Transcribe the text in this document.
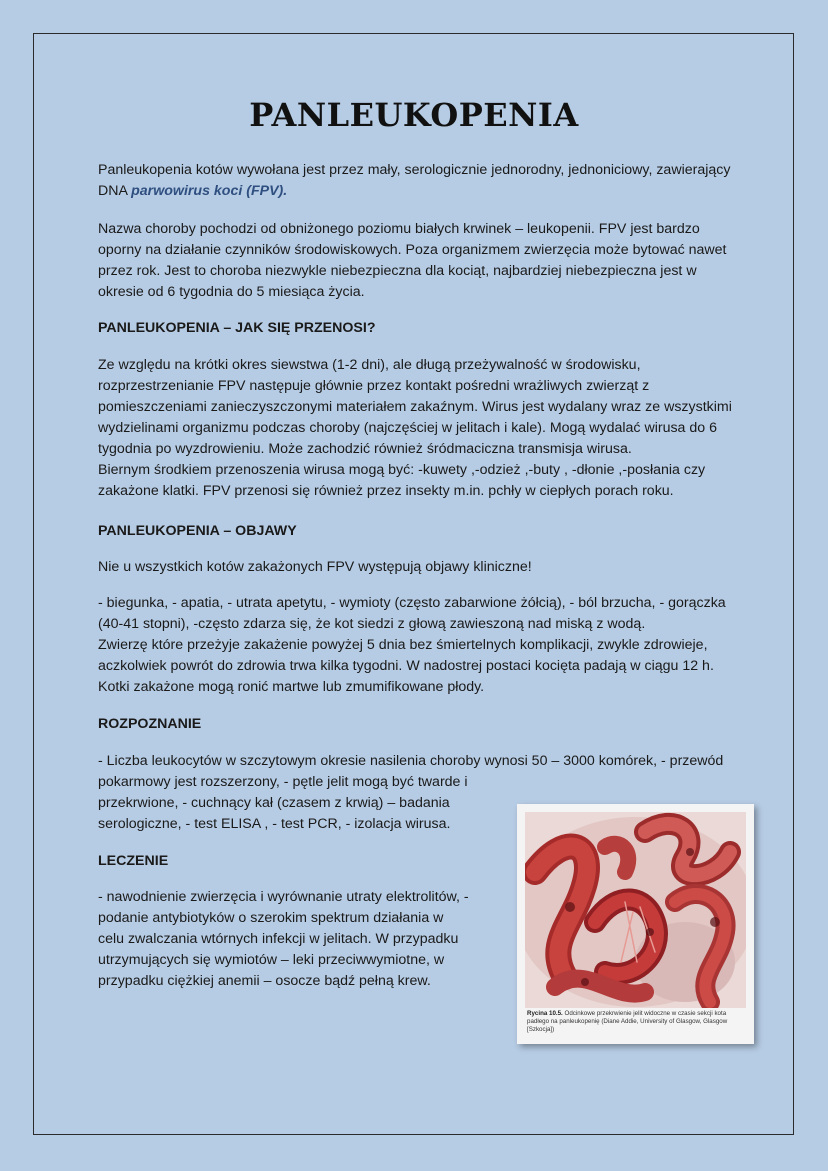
PANLEUKOPENIA

Panleukopenia kotów wywołana jest przez mały, serologicznie jednorodny, jednoniciowy, zawierający DNA parwowirus koci (FPV).

Nazwa choroby pochodzi od obniżonego poziomu białych krwinek – leukopenii. FPV jest bardzo oporny na działanie czynników środowiskowych. Poza organizmem zwierzęcia może bytować nawet przez rok. Jest to choroba niezwykle niebezpieczna dla kociąt, najbardziej niebezpieczna jest w okresie od 6 tygodnia do 5 miesiąca życia.

PANLEUKOPENIA – JAK SIĘ PRZENOSI?

Ze względu na krótki okres siewstwa (1-2 dni), ale długą przeżywalność w środowisku, rozprzestrzenianie FPV następuje głównie przez kontakt pośredni wrażliwych zwierząt z pomieszczeniami zanieczyszczonymi materiałem zakaźnym. Wirus jest wydalany wraz ze wszystkimi wydzielinami organizmu podczas choroby (najczęściej w jelitach i kale). Mogą wydalać wirusa do 6 tygodnia po wyzdrowieniu. Może zachodzić również śródmaciczna transmisja wirusa.
Biernym środkiem przenoszenia wirusa mogą być: -kuwety ,-odzież ,-buty , -dłonie ,-posłania czy zakażone klatki. FPV przenosi się również przez insekty m.in. pchły w ciepłych porach roku.

PANLEUKOPENIA – OBJAWY

Nie u wszystkich kotów zakażonych FPV występują objawy kliniczne!

- biegunka, - apatia, - utrata apetytu, - wymioty (często zabarwione żółcią), - ból brzucha, - gorączka (40-41 stopni), -często zdarza się, że kot siedzi z głową zawieszoną nad miską z wodą.
Zwierzę które przeżyje zakażenie powyżej 5 dnia bez śmiertelnych komplikacji, zwykle zdrowieje, aczkolwiek powrót do zdrowia trwa kilka tygodni. W nadostrej postaci kocięta padają w ciągu 12 h. Kotki zakażone mogą ronić martwe lub zmumifikowane płody.

ROZPOZNANIE

- Liczba leukocytów w szczytowym okresie nasilenia choroby wynosi 50 – 3000 komórek, - przewód

pokarmowy jest rozszerzony, - pętle jelit mogą być twarde i przekrwione, - cuchnący kał (czasem z krwią) – badania serologiczne, - test ELISA , - test PCR, - izolacja wirusa.

LECZENIE

- nawodnienie zwierzęcia i wyrównanie utraty elektrolitów, - podanie antybiotyków o szerokim spektrum działania w celu zwalczania wtórnych infekcji w jelitach. W przypadku utrzymujących się wymiotów – leki przeciwwymiotne, w przypadku ciężkiej anemii – osocze bądź pełną krew.

Rycina 10.5. Odcinkowe przekrwienie jelit widoczne w czasie sekcji kota padłego na panleukopenię (Diane Addie, University of Glasgow, Glasgow [Szkocja])
